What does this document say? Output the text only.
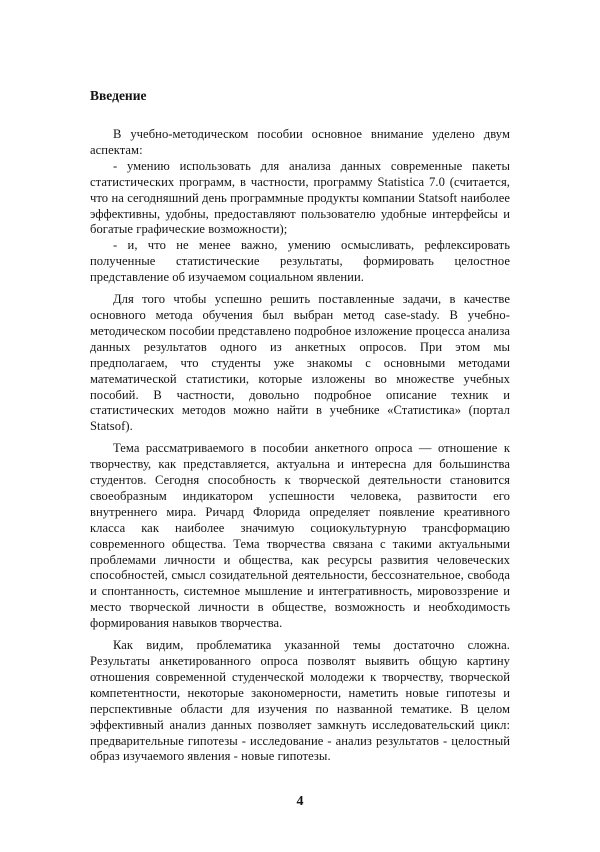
Введение

В учебно-методическом пособии основное внимание уделено двум аспектам:

- умению использовать для анализа данных современные пакеты статистических программ, в частности, программу Statistica 7.0 (считается, что на сегодняшний день программные продукты компании Statsoft наиболее эффективны, удобны, предоставляют пользователю удобные интерфейсы и богатые графические возможности);

- и, что не менее важно, умению осмысливать, рефлексировать полученные статистические результаты, формировать целостное представление об изучаемом социальном явлении.

Для того чтобы успешно решить поставленные задачи, в качестве основного метода обучения был выбран метод case-stady. В учебно-методическом пособии представлено подробное изложение процесса анализа данных результатов одного из анкетных опросов. При этом мы предполагаем, что студенты уже знакомы с основными методами математической статистики, которые изложены во множестве учебных пособий. В частности, довольно подробное описание техник и статистических методов можно найти в учебнике «Статистика» (портал Statsof).

Тема рассматриваемого в пособии анкетного опроса — отношение к творчеству, как представляется, актуальна и интересна для большинства студентов. Сегодня способность к творческой деятельности становится своеобразным индикатором успешности человека, развитости его внутреннего мира. Ричард Флорида определяет появление креативного класса как наиболее значимую социокультурную трансформацию современного общества. Тема творчества связана с такими актуальными проблемами личности и общества, как ресурсы развития человеческих способностей, смысл созидательной деятельности, бессознательное, свобода и спонтанность, системное мышление и интегративность, мировоззрение и место творческой личности в обществе, возможность и необходимость формирования навыков творчества.

Как видим, проблематика указанной темы достаточно сложна. Результаты анкетированного опроса позволят выявить общую картину отношения современной студенческой молодежи к творчеству, творческой компетентности, некоторые закономерности, наметить новые гипотезы и перспективные области для изучения по названной тематике. В целом эффективный анализ данных позволяет замкнуть исследовательский цикл: предварительные гипотезы - исследование - анализ результатов - целостный образ изучаемого явления - новые гипотезы.

4
